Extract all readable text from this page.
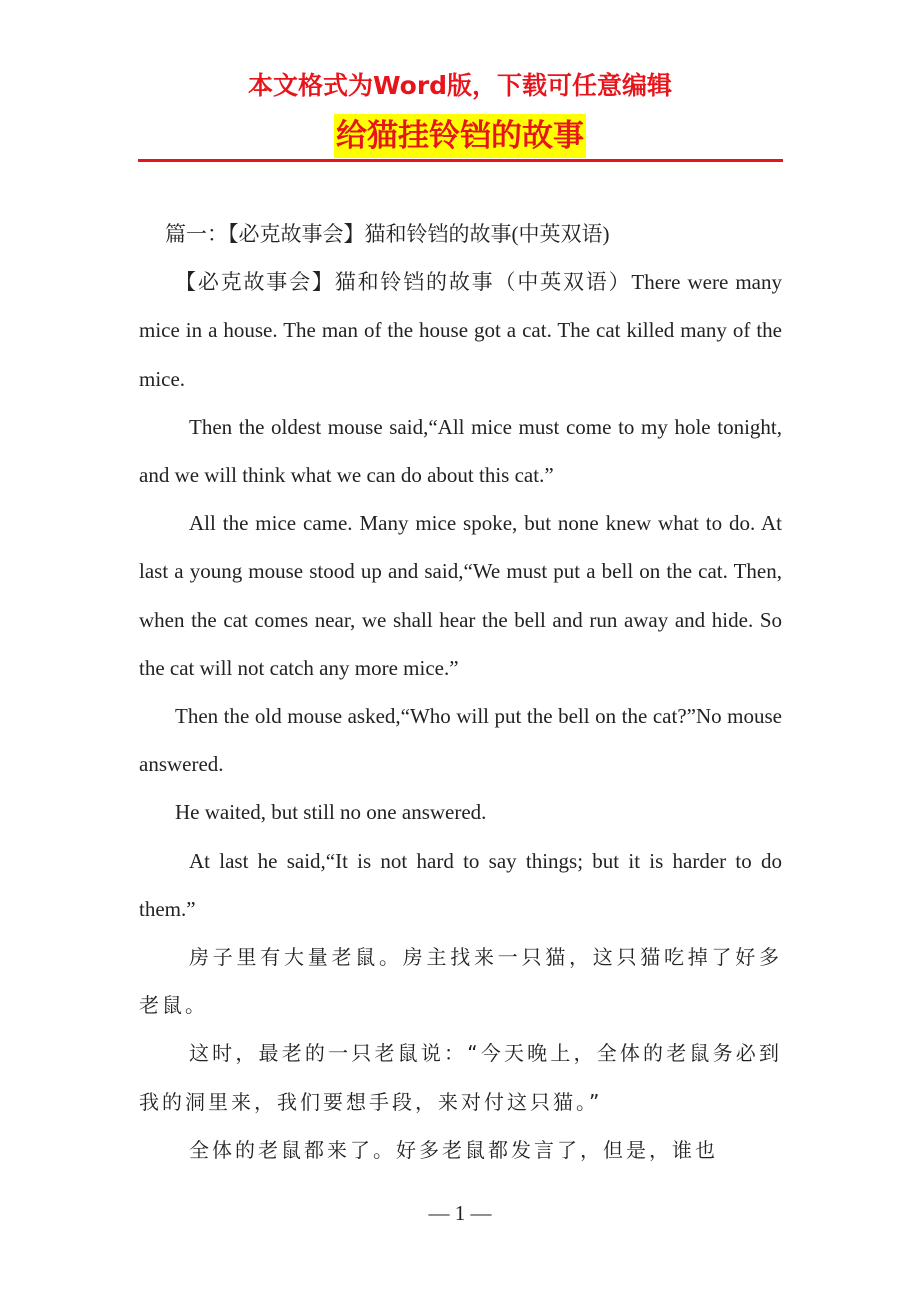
本文格式为Word版，下载可任意编辑
给猫挂铃铛的故事

篇一：【必克故事会】猫和铃铛的故事(中英双语)

【必克故事会】猫和铃铛的故事（中英双语）There were many mice in a house. The man of the house got a cat. The cat killed many of the mice.

Then the oldest mouse said,“All mice must come to my hole tonight, and we will think what we can do about this cat.”

All the mice came. Many mice spoke, but none knew what to do. At last a young mouse stood up and said,“We must put a bell on the cat. Then, when the cat comes near, we shall hear the bell and run away and hide. So the cat will not catch any more mice.”

Then the old mouse asked,“Who will put the bell on the cat?”No mouse answered.

He waited, but still no one answered.

At last he said,“It is not hard to say things; but it is harder to do them.”

房子里有大量老鼠。房主找来一只猫，这只猫吃掉了好多老鼠。

这时，最老的一只老鼠说：“今天晚上，全体的老鼠务必到我的洞里来，我们要想手段，来对付这只猫。”

全体的老鼠都来了。好多老鼠都发言了，但是，谁也

— 1 —
